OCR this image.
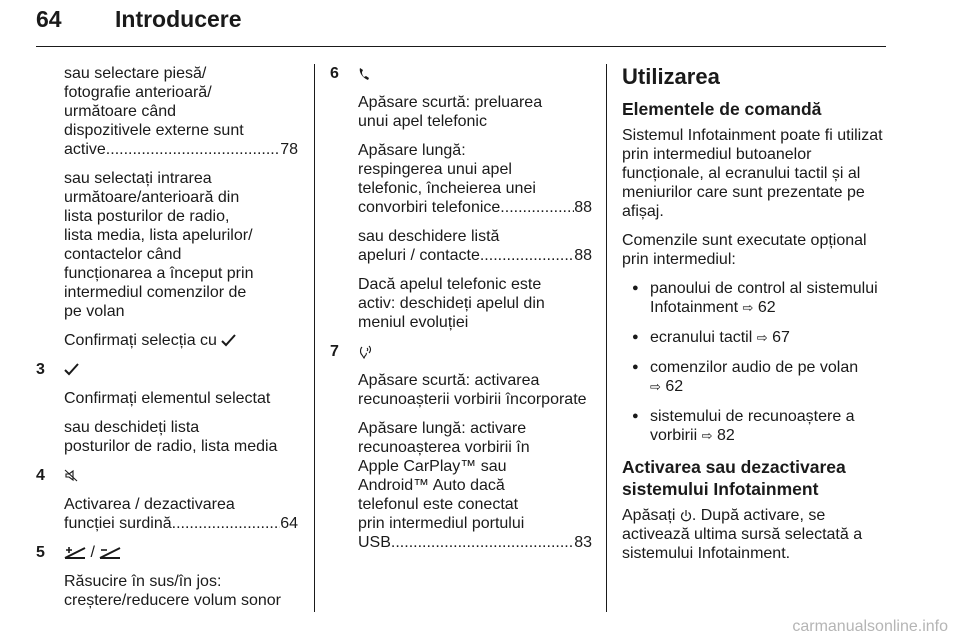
64 Introducere
sau selectare piesă/
fotografie anterioară/
următoare când
dispozitivele externe sunt
active .....	78
sau selectați intrarea
următoare/anterioară din
lista posturilor de radio,
lista media, lista apelurilor/
contactelor când
funcționarea a început prin
intermediul comenzilor de
pe volan
Confirmați selecția cu
3
Confirmați elementul selectat
sau deschideți lista
posturilor de radio, lista media
4
Activarea / dezactivarea
funcției surdină .....	64
5	/
Răsucire în sus/în jos:
creștere/reducere volum sonor
6
Apăsare scurtă: preluarea
unui apel telefonic
Apăsare lungă:
respingerea unui apel
telefonic, încheierea unei
convorbiri telefonice .....	88
sau deschidere listă
apeluri / contacte .....	88
Dacă apelul telefonic este
activ: deschideți apelul din
meniul evoluției
7
Apăsare scurtă: activarea
recunoașterii vorbirii încorporate
Apăsare lungă: activare
recunoașterea vorbirii în
Apple CarPlay™ sau
Android™ Auto dacă
telefonul este conectat
prin intermediul portului
USB .....	83
Utilizarea
Elementele de comandă
Sistemul Infotainment poate fi utilizat
prin intermediul butoanelor
funcționale, al ecranului tactil și al
meniurilor care sunt prezentate pe
afișaj.
Comenzile sunt executate opțional
prin intermediul:
● panoului de control al sistemului
Infotainment ⇨ 62
● ecranului tactil ⇨ 67
● comenzilor audio de pe volan
⇨ 62
● sistemului de recunoaștere a
vorbirii ⇨ 82
Activarea sau dezactivarea
sistemului Infotainment
Apăsați . După activare, se
activează ultima sursă selectată a
sistemului Infotainment.
carmanualsonline.info
